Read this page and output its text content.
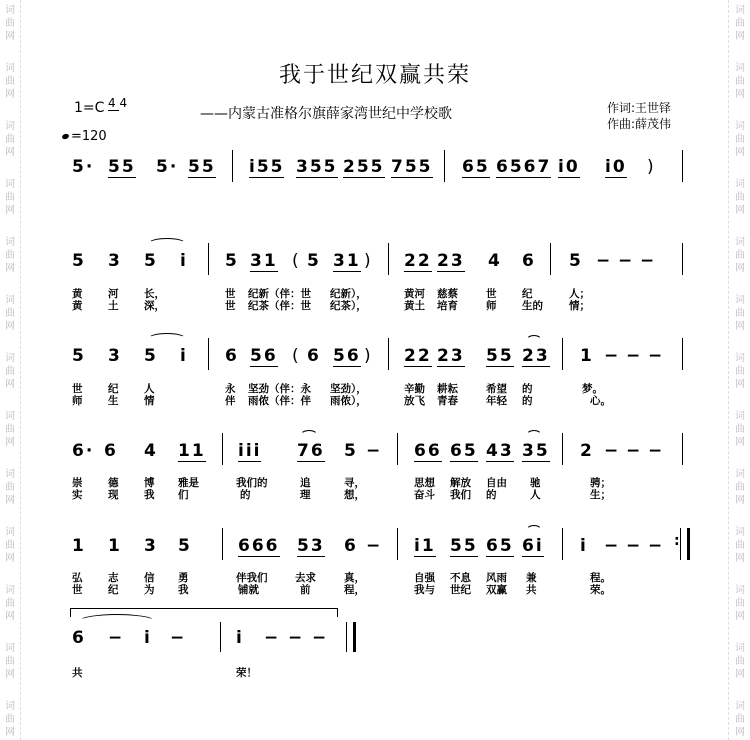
词
曲
网
词
曲
网
词
曲
网
词
曲
网
词
曲
网
词
曲
网
词
曲
网
词
曲
网
词
曲
网
词
曲
网
词
曲
网
词
曲
网
词
曲
网
词
曲
网
词
曲
网
词
曲
网
词
曲
网
词
曲
网
词
曲
网
词
曲
网
词
曲
网
词
曲
网
词
曲
网
词
曲
网
词
曲
网
词
曲
网
我于世纪双赢共荣
——内蒙古准格尔旗薛家湾世纪中学校歌	作词:王世铎
作曲:薛茂伟
1=C 4 4
=120
5· 55 5· 55 i55 355 255 755 65 6567 i0 i0 )
5 3 5 i 5 31 ( 5 31 ) 22 23 4 6 5 − − −
黄 河 长，	世 纪新（伴：世 纪新），	黄河 慈蔡	世 纪	人；
黄 土 深，	世 纪茶（伴：世 纪茶），	黄土 培育	师 生的 情；
5 3 5 i 6 56 ( 6 56 ) 22 23 55 23 1 − − −
世 纪 人	永 坚劲（伴：永 坚劲），	辛勤 耕耘	希望 的	梦。
师 生 情	伴 雨侬（伴：伴 雨侬），	放飞 青春	年轻 的	心。
6· 6 4 11 iii 76 5 − 66 65 43 35 2 − − −
崇 德 博 雅是	我们的	追	寻，	思想 解放 自由 驰	骋；
实 现 我 们	的	理	想，	奋斗 我们 的	人	生；
1 1 3 5	666 53 6 − i1 55 65 6i i − − − :
弘 志 信 勇	伴我们	去求	真，	自强 不息 风雨 兼	程。
世 纪 为 我	铺就	前	程，	我与 世纪 双赢 共	荣。
6 − i −	i − − −
共	荣！
